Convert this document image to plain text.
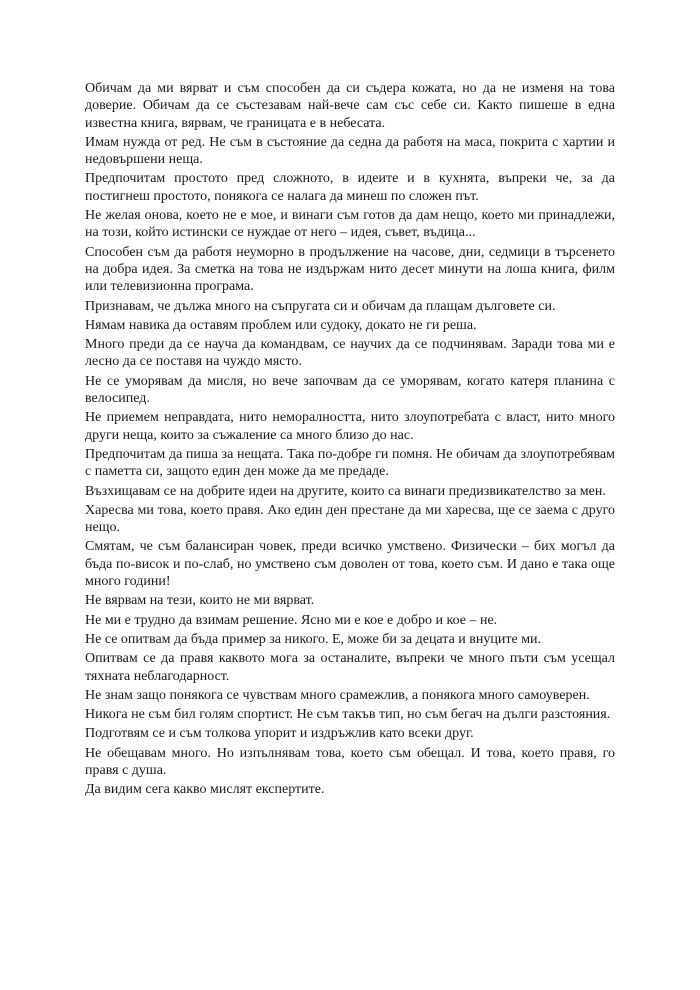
Обичам да ми вярват и съм способен да си съдера кожата, но да не изменя на това доверие. Обичам да се състезавам най-вече сам със себе си. Както пишеше в една известна книга, вярвам, че границата е в небесата.

Имам нужда от ред. Не съм в състояние да седна да работя на маса, покрита с хартии и недовършени неща.

Предпочитам простото пред сложното, в идеите и в кухнята, въпреки че, за да постигнеш простото, понякога се налага да минеш по сложен път.

Не желая онова, което не е мое, и винаги съм готов да дам нещо, което ми принадлежи, на този, който истински се нуждае от него – идея, съвет, въдица...

Способен съм да работя неуморно в продължение на часове, дни, седмици в търсенето на добра идея. За сметка на това не издържам нито десет минути на лоша книга, филм или телевизионна програма.

Признавам, че дължа много на съпругата си и обичам да плащам дълговете си.

Нямам навика да оставям проблем или судоку, докато не ги реша.

Много преди да се науча да командвам, се научих да се подчинявам. Заради това ми е лесно да се поставя на чуждо място.

Не се уморявам да мисля, но вече започвам да се уморявам, когато катеря планина с велосипед.

Не приемем неправдата, нито неморалността, нито злоупотребата с власт, нито много други неща, които за съжаление са много близо до нас.

Предпочитам да пиша за нещата. Така по-добре ги помня. Не обичам да злоупотребявам с паметта си, защото един ден може да ме предаде.

Възхищавам се на добрите идеи на другите, които са винаги предизвикателство за мен.

Харесва ми това, което правя. Ако един ден престане да ми харесва, ще се заема с друго нещо.

Смятам, че съм балансиран човек, преди всичко умствено. Физически – бих могъл да бъда по-висок и по-слаб, но умствено съм доволен от това, което съм. И дано е така още много години!

Не вярвам на тези, които не ми вярват.

Не ми е трудно да взимам решение. Ясно ми е кое е добро и кое – не.

Не се опитвам да бъда пример за никого. Е, може би за децата и внуците ми.

Опитвам се да правя каквото мога за останалите, въпреки че много пъти съм усещал тяхната неблагодарност.

Не знам защо понякога се чувствам много срамежлив, а понякога много самоуверен.

Никога не съм бил голям спортист. Не съм такъв тип, но съм бегач на дълги разстояния.

Подготвям се и съм толкова упорит и издръжлив като всеки друг.

Не обещавам много. Но изпълнявам това, което съм обещал. И това, което правя, го правя с душа.

Да видим сега какво мислят експертите.
